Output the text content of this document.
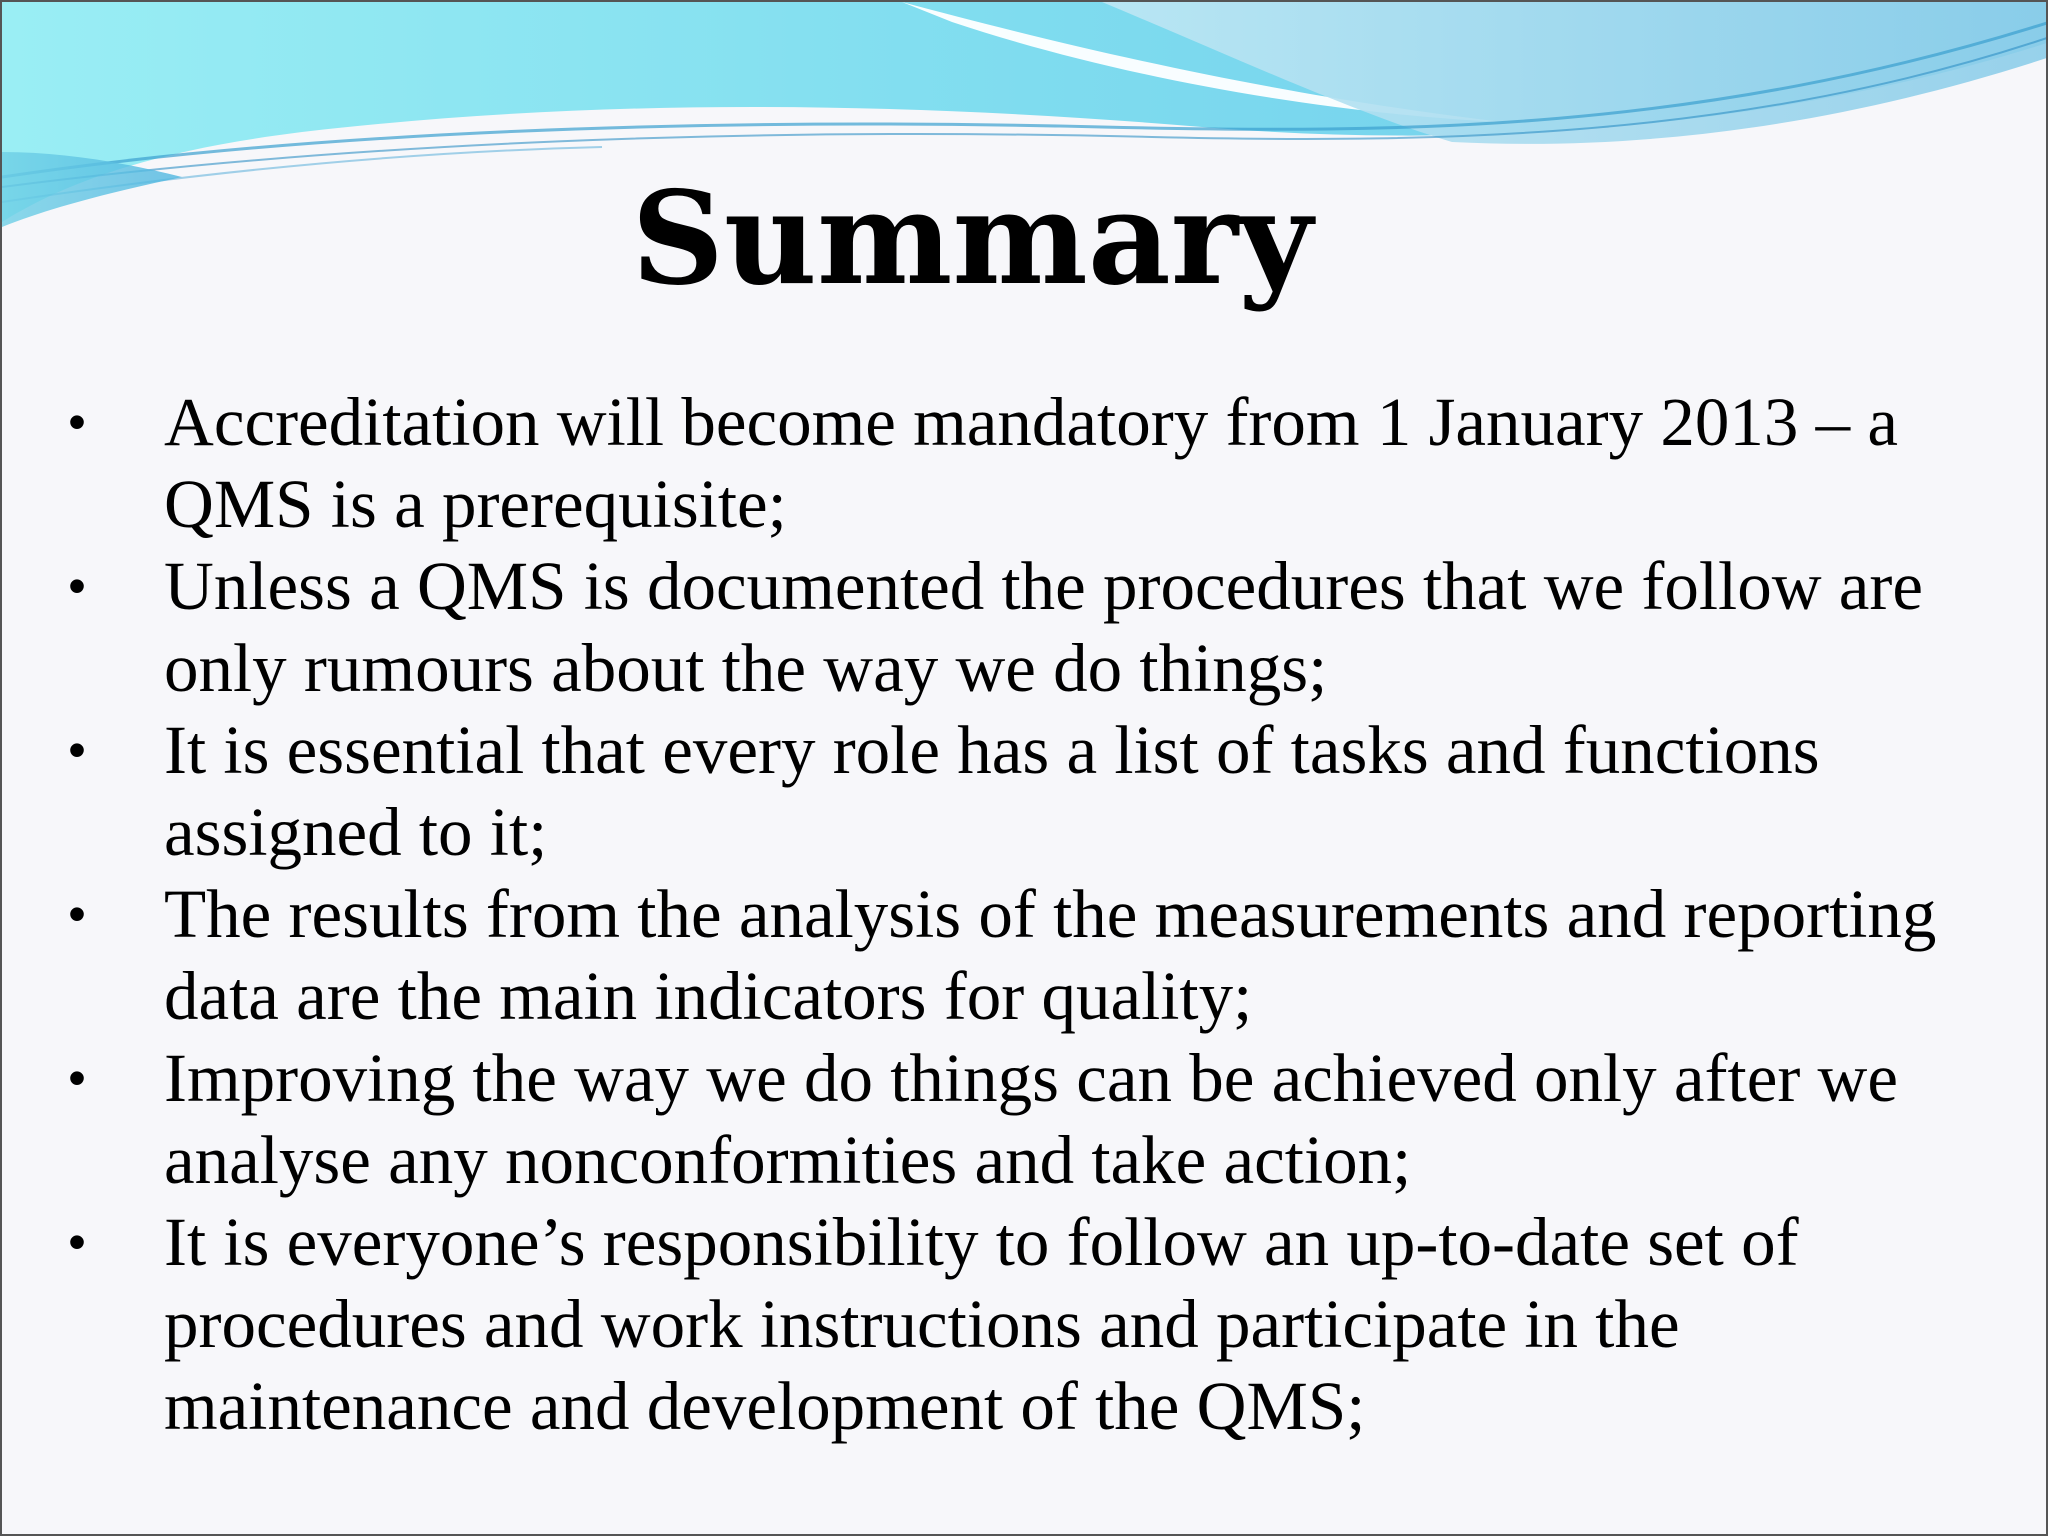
Summary
• Accreditation will become mandatory from 1 January 2013 – a QMS is a prerequisite;
• Unless a QMS is documented the procedures that we follow are only rumours about the way we do things;
• It is essential that every role has a list of tasks and functions assigned to it;
• The results from the analysis of the measurements and reporting data are the main indicators for quality;
• Improving the way we do things can be achieved only after we analyse any nonconformities and take action;
• It is everyone’s responsibility to follow an up-to-date set of procedures and work instructions and participate in the maintenance and development of the QMS;
